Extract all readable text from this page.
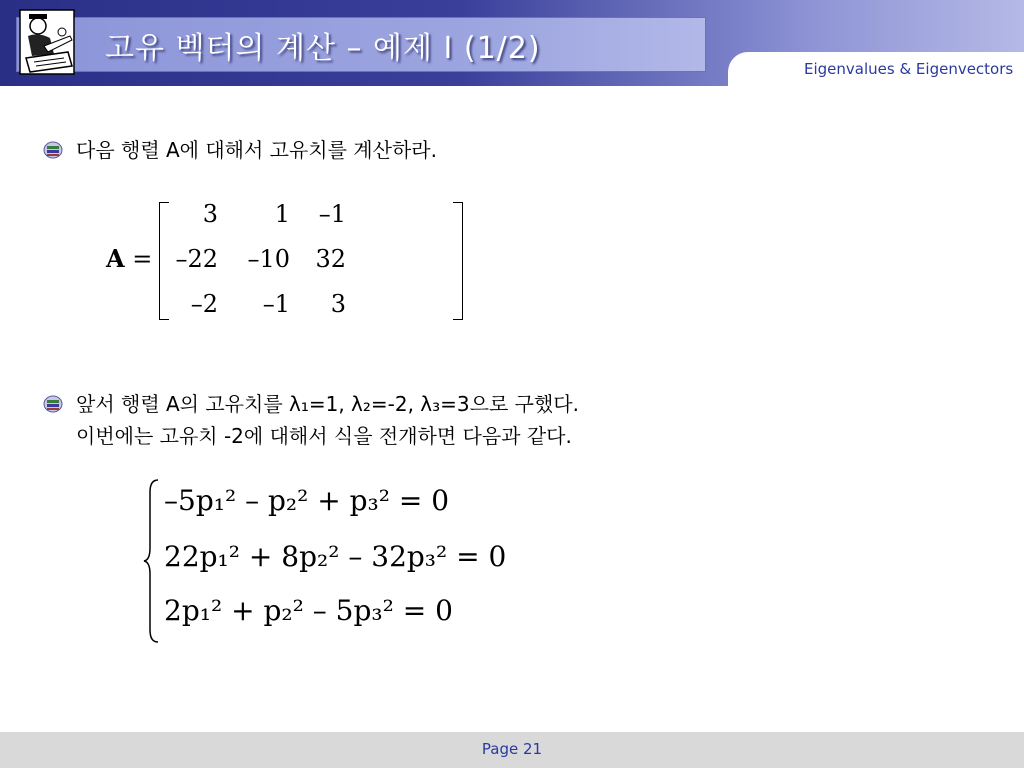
고유 벡터의 계산 – 예제 I (1/2)
Eigenvalues & Eigenvectors
다음 행렬 A에 대해서 고유치를 계산하라.
A =
3	1	–1
–22	–10	32
–2	–1	3
앞서 행렬 A의 고유치를 λ₁=1, λ₂=-2, λ₃=3으로 구했다.
이번에는 고유치 -2에 대해서 식을 전개하면 다음과 같다.
–5p₁² – p₂² + p₃² = 0
22p₁² + 8p₂² – 32p₃² = 0
2p₁² + p₂² – 5p₃² = 0
Page 21
